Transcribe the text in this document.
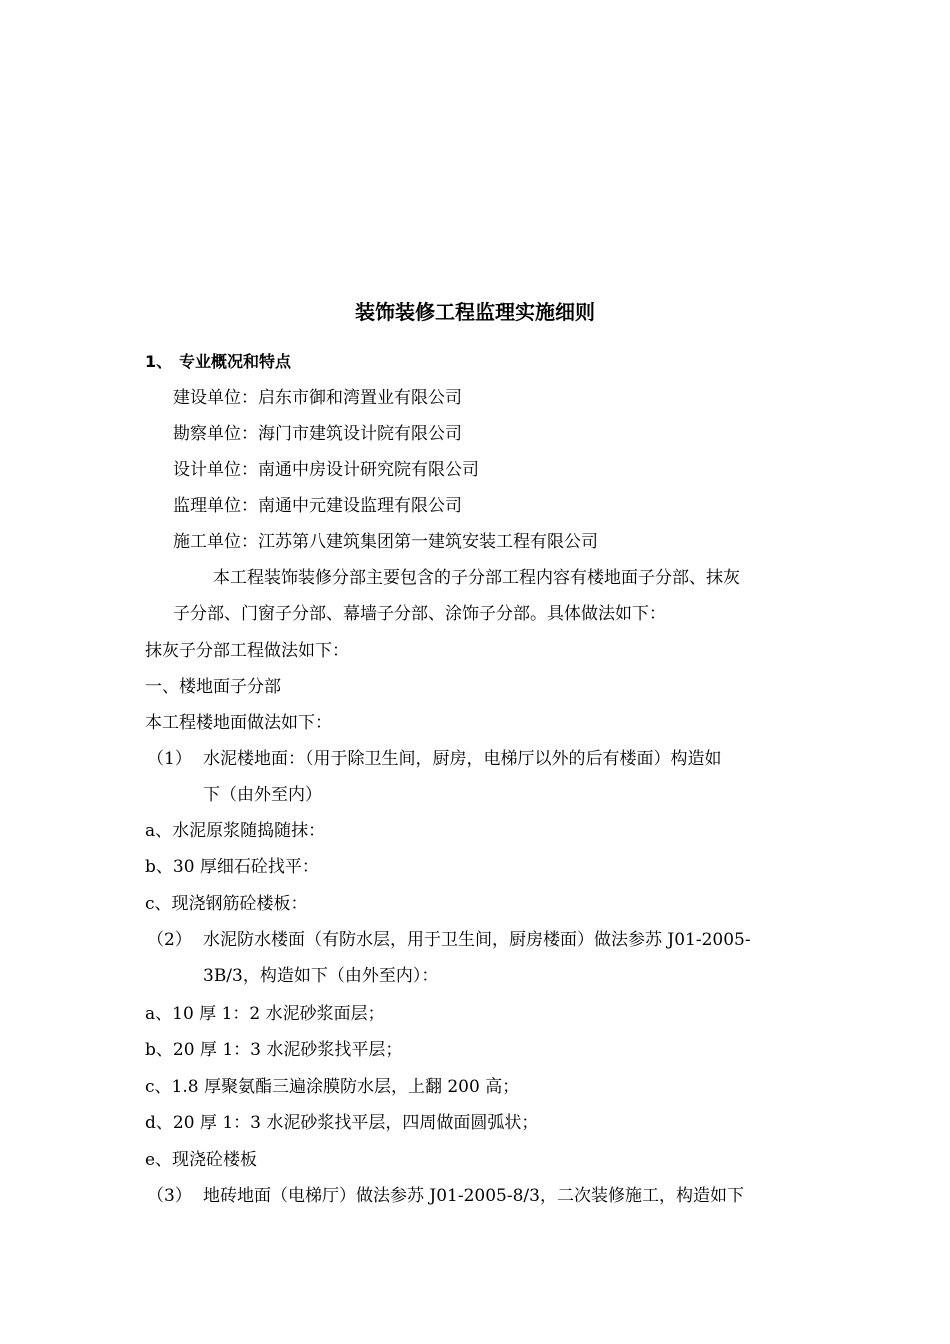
装饰装修工程监理实施细则
1、 专业概况和特点
建设单位：启东市御和湾置业有限公司
勘察单位：海门市建筑设计院有限公司
设计单位：南通中房设计研究院有限公司
监理单位：南通中元建设监理有限公司
施工单位：江苏第八建筑集团第一建筑安装工程有限公司
本工程装饰装修分部主要包含的子分部工程内容有楼地面子分部、抹灰
子分部、门窗子分部、幕墙子分部、涂饰子分部。具体做法如下：
抹灰子分部工程做法如下：
一、楼地面子分部
本工程楼地面做法如下：
（1） 水泥楼地面：（用于除卫生间，厨房，电梯厅以外的后有楼面）构造如
下（由外至内）
a、水泥原浆随捣随抹：
b、30 厚细石砼找平：
c、现浇钢筋砼楼板：
（2） 水泥防水楼面（有防水层，用于卫生间，厨房楼面）做法参苏 J01-2005-
3B/3，构造如下（由外至内）：
a、10 厚 1：2 水泥砂浆面层；
b、20 厚 1：3 水泥砂浆找平层；
c、1.8 厚聚氨酯三遍涂膜防水层，上翻 200 高；
d、20 厚 1：3 水泥砂浆找平层，四周做面圆弧状；
e、现浇砼楼板
（3） 地砖地面（电梯厅）做法参苏 J01-2005-8/3，二次装修施工，构造如下
